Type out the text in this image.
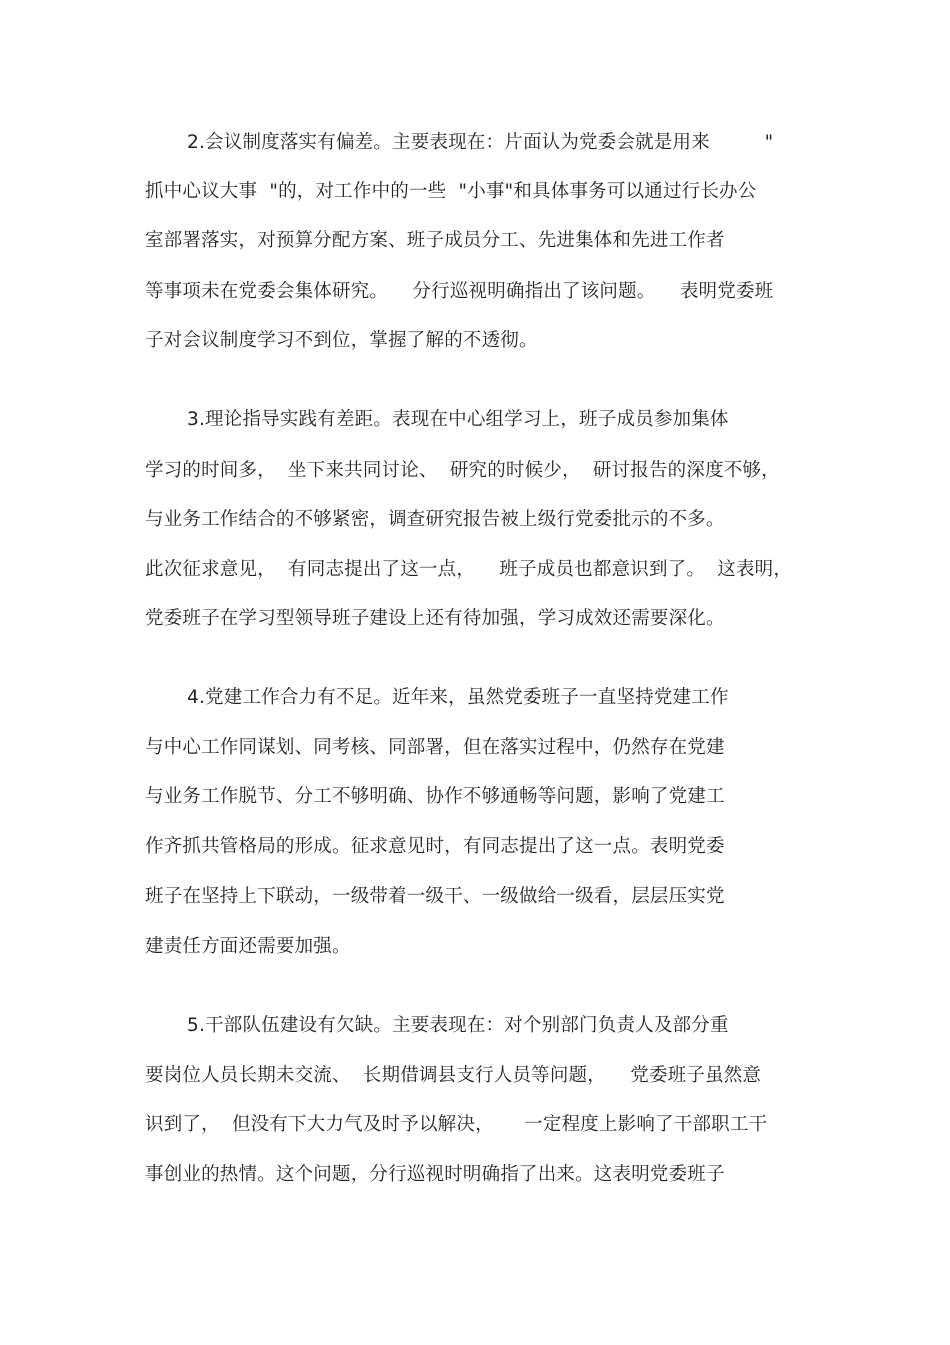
2.会议制度落实有偏差。主要表现在：片面认为党委会就是用来         "
抓中心议大事  "的，对工作中的一些  "小事"和具体事务可以通过行长办公
室部署落实，对预算分配方案、班子成员分工、先进集体和先进工作者
等事项未在党委会集体研究。    分行巡视明确指出了该问题。    表明党委班
子对会议制度学习不到位，掌握了解的不透彻。
3.理论指导实践有差距。表现在中心组学习上，班子成员参加集体
学习的时间多，  坐下来共同讨论、  研究的时候少，  研讨报告的深度不够，
与业务工作结合的不够紧密，调查研究报告被上级行党委批示的不多。
此次征求意见，  有同志提出了这一点，    班子成员也都意识到了。  这表明，
党委班子在学习型领导班子建设上还有待加强，学习成效还需要深化。
4.党建工作合力有不足。近年来，虽然党委班子一直坚持党建工作
与中心工作同谋划、同考核、同部署，但在落实过程中，仍然存在党建
与业务工作脱节、分工不够明确、协作不够通畅等问题，影响了党建工
作齐抓共管格局的形成。征求意见时，有同志提出了这一点。表明党委
班子在坚持上下联动，一级带着一级干、一级做给一级看，层层压实党
建责任方面还需要加强。
5.干部队伍建设有欠缺。主要表现在：对个别部门负责人及部分重
要岗位人员长期未交流、  长期借调县支行人员等问题，    党委班子虽然意
识到了，  但没有下大力气及时予以解决，     一定程度上影响了干部职工干
事创业的热情。这个问题，分行巡视时明确指了出来。这表明党委班子
